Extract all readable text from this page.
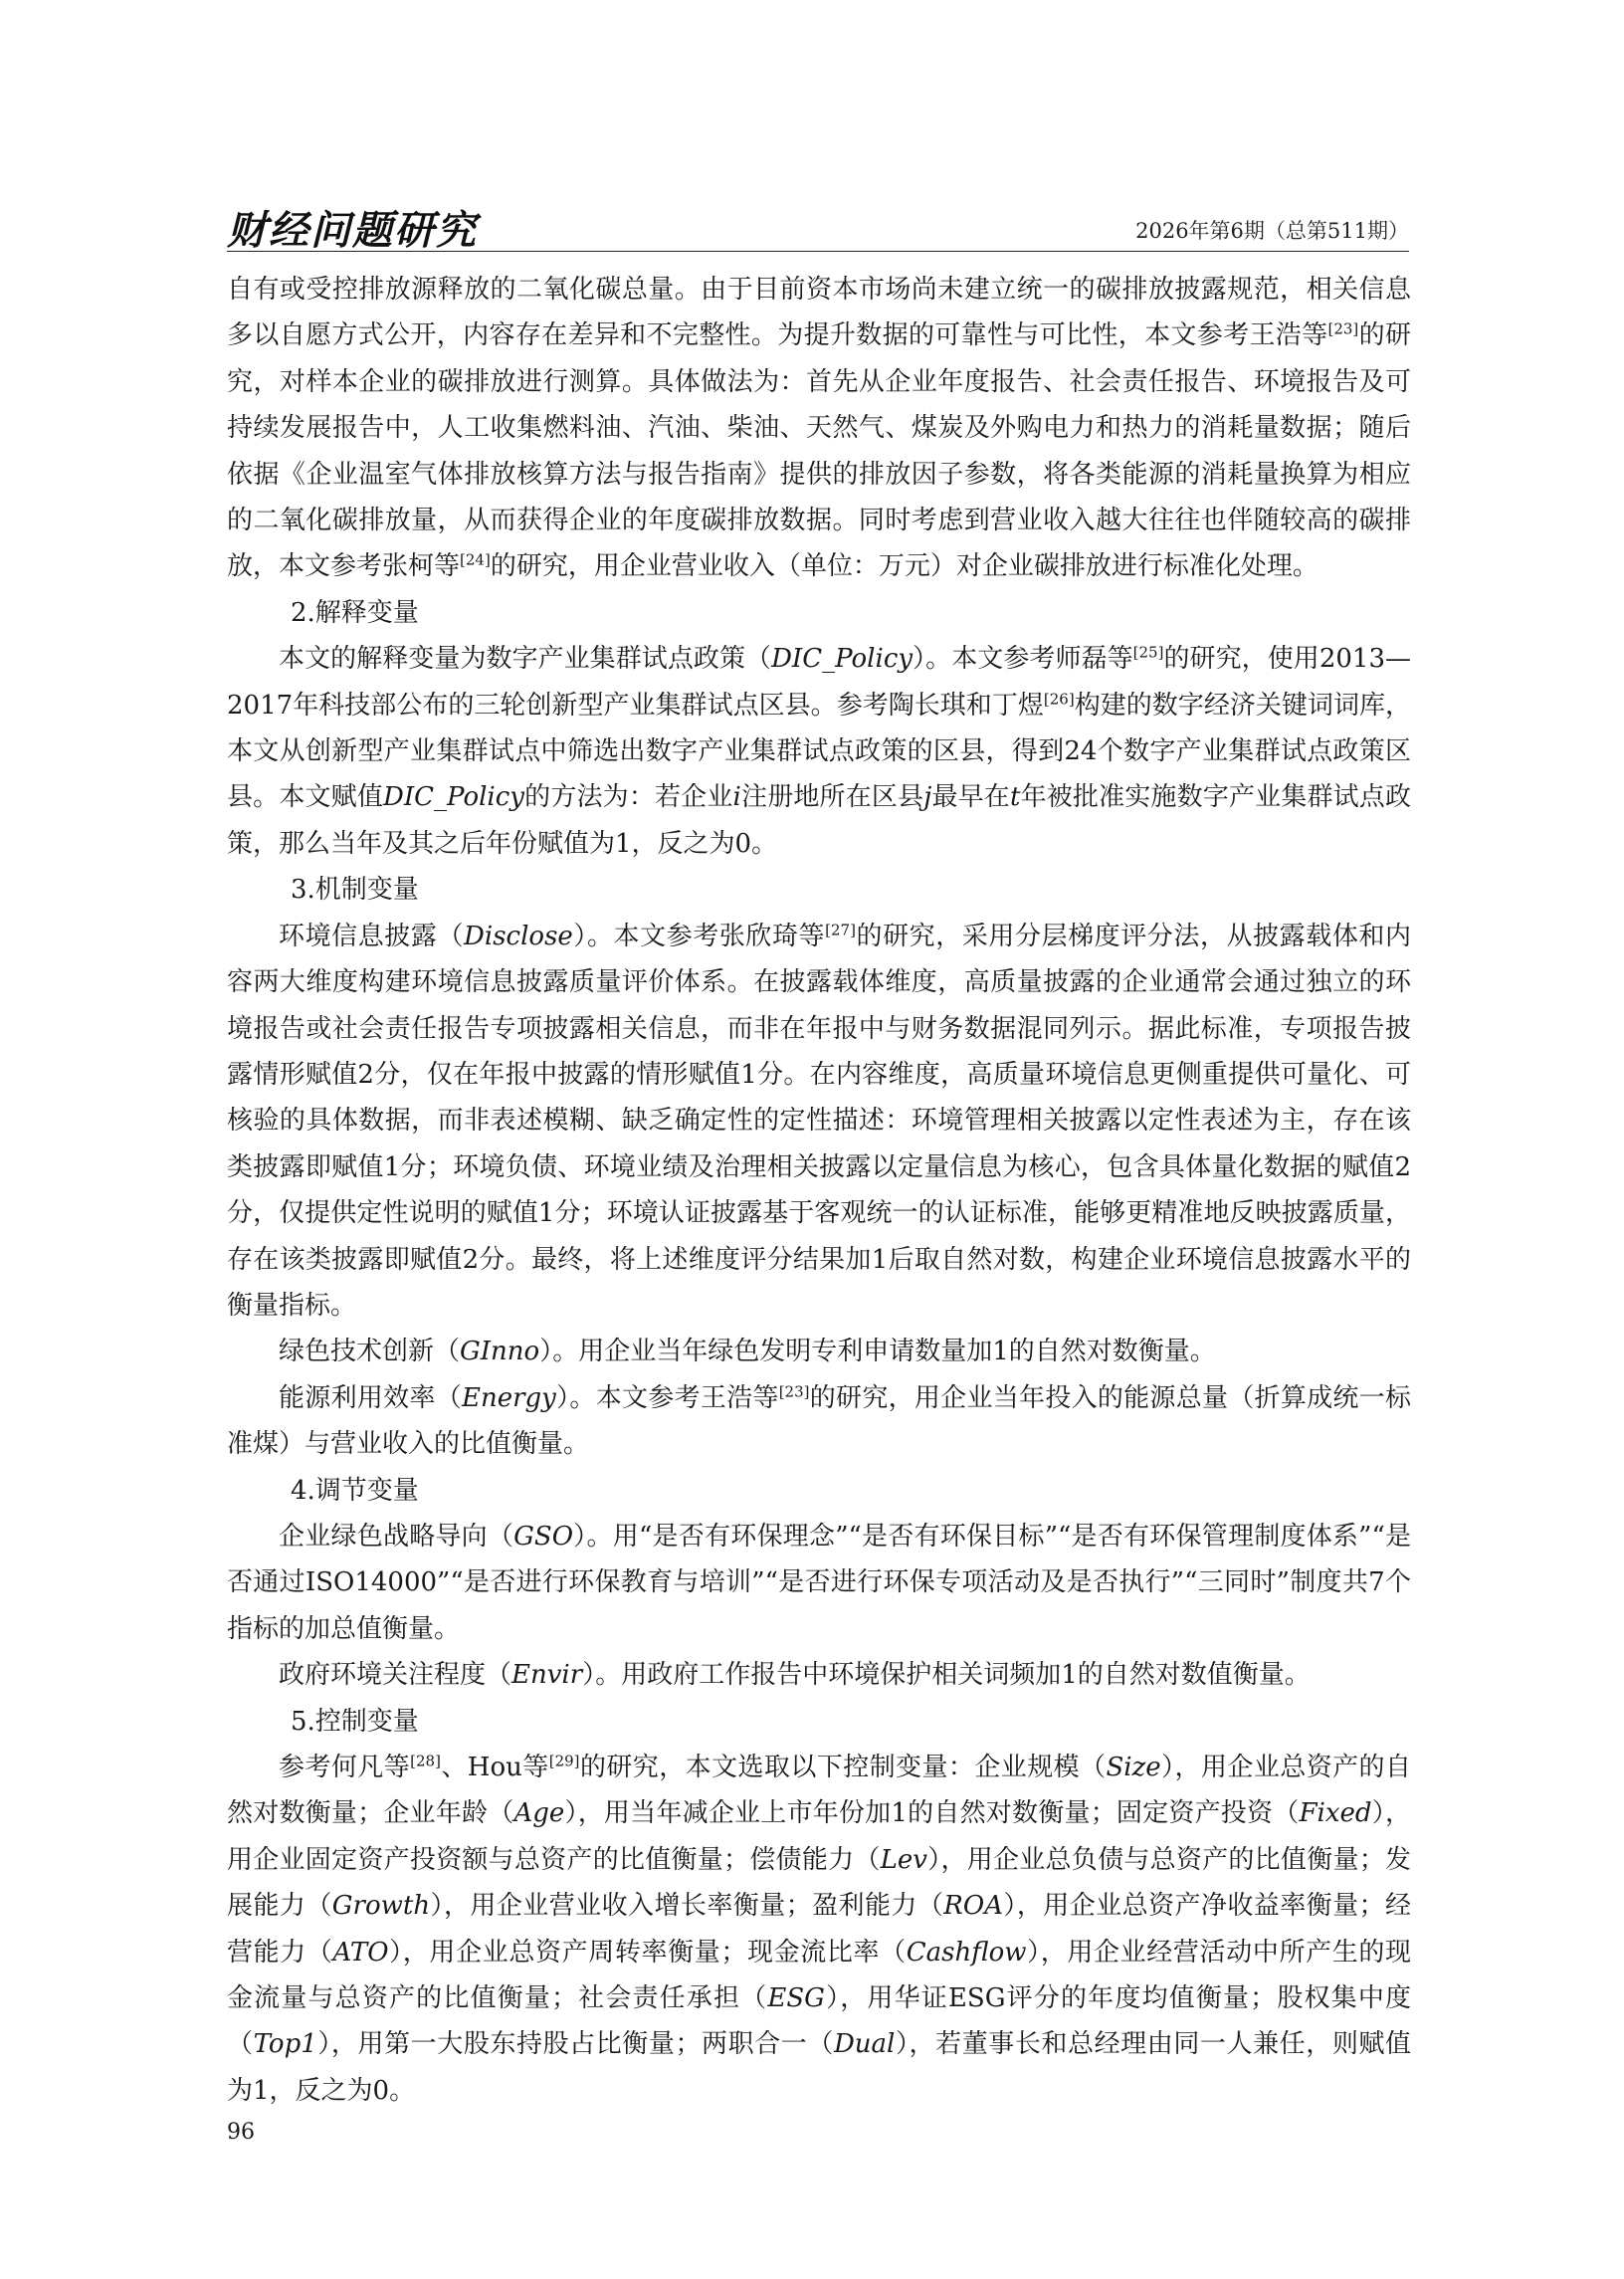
财经问题研究	2026年第6期（总第511期）

自有或受控排放源释放的二氧化碳总量。由于目前资本市场尚未建立统一的碳排放披露规范，相关信息多以自愿方式公开，内容存在差异和不完整性。为提升数据的可靠性与可比性，本文参考王浩等[23]的研究，对样本企业的碳排放进行测算。具体做法为：首先从企业年度报告、社会责任报告、环境报告及可持续发展报告中，人工收集燃料油、汽油、柴油、天然气、煤炭及外购电力和热力的消耗量数据；随后依据《企业温室气体排放核算方法与报告指南》提供的排放因子参数，将各类能源的消耗量换算为相应的二氧化碳排放量，从而获得企业的年度碳排放数据。同时考虑到营业收入越大往往也伴随较高的碳排放，本文参考张柯等[24]的研究，用企业营业收入（单位：万元）对企业碳排放进行标准化处理。

2.解释变量

本文的解释变量为数字产业集群试点政策（DIC_Policy）。本文参考师磊等[25]的研究，使用2013—2017年科技部公布的三轮创新型产业集群试点区县。参考陶长琪和丁煜[26]构建的数字经济关键词词库，本文从创新型产业集群试点中筛选出数字产业集群试点政策的区县，得到24个数字产业集群试点政策区县。本文赋值DIC_Policy的方法为：若企业i注册地所在区县j最早在t年被批准实施数字产业集群试点政策，那么当年及其之后年份赋值为1，反之为0。

3.机制变量

环境信息披露（Disclose）。本文参考张欣琦等[27]的研究，采用分层梯度评分法，从披露载体和内容两大维度构建环境信息披露质量评价体系。在披露载体维度，高质量披露的企业通常会通过独立的环境报告或社会责任报告专项披露相关信息，而非在年报中与财务数据混同列示。据此标准，专项报告披露情形赋值2分，仅在年报中披露的情形赋值1分。在内容维度，高质量环境信息更侧重提供可量化、可核验的具体数据，而非表述模糊、缺乏确定性的定性描述：环境管理相关披露以定性表述为主，存在该类披露即赋值1分；环境负债、环境业绩及治理相关披露以定量信息为核心，包含具体量化数据的赋值2分，仅提供定性说明的赋值1分；环境认证披露基于客观统一的认证标准，能够更精准地反映披露质量，存在该类披露即赋值2分。最终，将上述维度评分结果加1后取自然对数，构建企业环境信息披露水平的衡量指标。

绿色技术创新（GInno）。用企业当年绿色发明专利申请数量加1的自然对数衡量。

能源利用效率（Energy）。本文参考王浩等[23]的研究，用企业当年投入的能源总量（折算成统一标准煤）与营业收入的比值衡量。

4.调节变量

企业绿色战略导向（GSO）。用“是否有环保理念”“是否有环保目标”“是否有环保管理制度体系”“是否通过ISO14000”“是否进行环保教育与培训”“是否进行环保专项活动及是否执行”“三同时”制度共7个指标的加总值衡量。

政府环境关注程度（Envir）。用政府工作报告中环境保护相关词频加1的自然对数值衡量。

5.控制变量

参考何凡等[28]、Hou等[29]的研究，本文选取以下控制变量：企业规模（Size），用企业总资产的自然对数衡量；企业年龄（Age），用当年减企业上市年份加1的自然对数衡量；固定资产投资（Fixed），用企业固定资产投资额与总资产的比值衡量；偿债能力（Lev），用企业总负债与总资产的比值衡量；发展能力（Growth），用企业营业收入增长率衡量；盈利能力（ROA），用企业总资产净收益率衡量；经营能力（ATO），用企业总资产周转率衡量；现金流比率（Cashflow），用企业经营活动中所产生的现金流量与总资产的比值衡量；社会责任承担（ESG），用华证ESG评分的年度均值衡量；股权集中度（Top1），用第一大股东持股占比衡量；两职合一（Dual），若董事长和总经理由同一人兼任，则赋值为1，反之为0。

96
